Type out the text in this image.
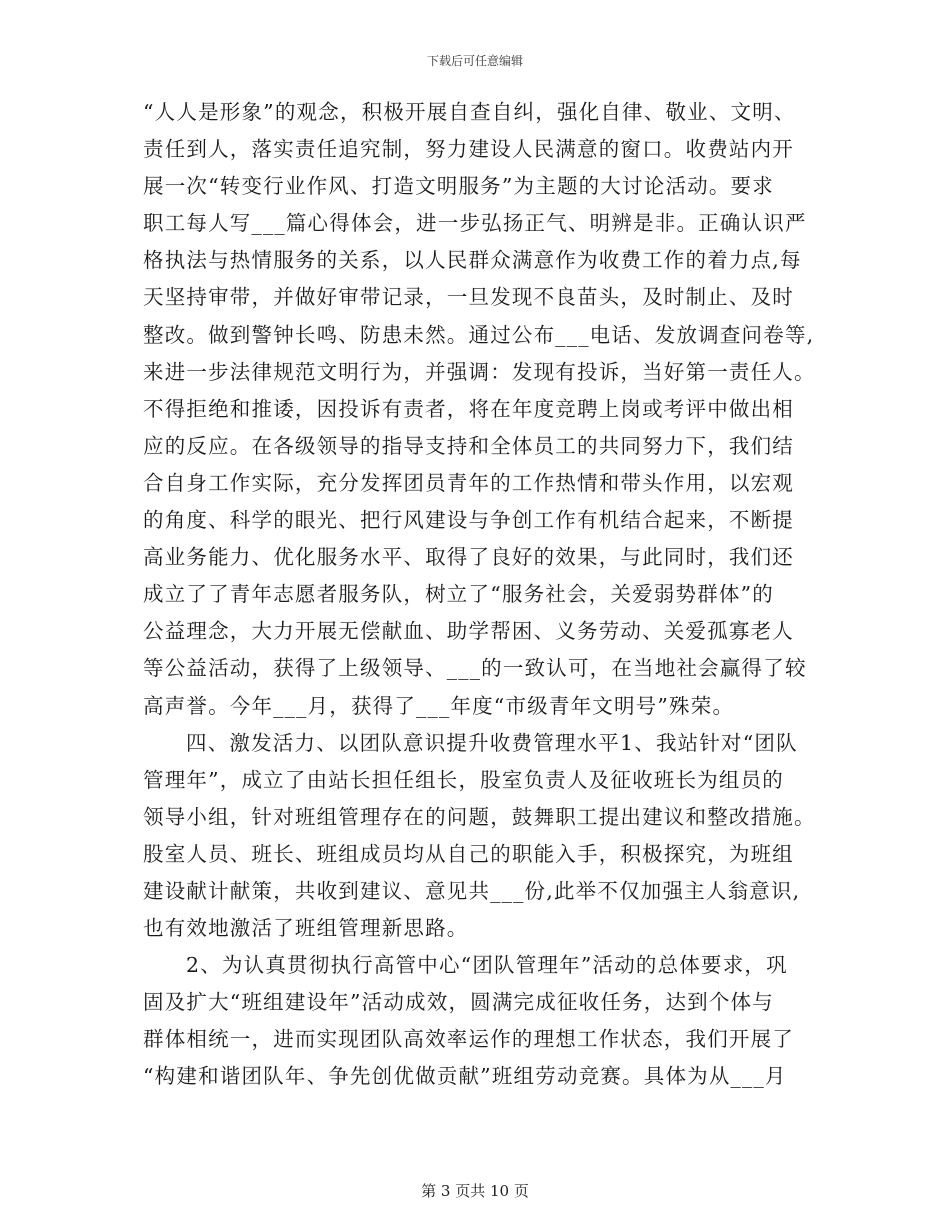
下载后可任意编辑
“人人是形象”的观念，积极开展自查自纠，强化自律、敬业、文明、
责任到人，落实责任追究制，努力建设人民满意的窗口。收费站内开
展一次“转变行业作风、打造文明服务”为主题的大讨论活动。要求
职工每人写___篇心得体会，进一步弘扬正气、明辨是非。正确认识严
格执法与热情服务的关系，以人民群众满意作为收费工作的着力点,每
天坚持审带，并做好审带记录，一旦发现不良苗头，及时制止、及时
整改。做到警钟长鸣、防患未然。通过公布___电话、发放调查问卷等,
来进一步法律规范文明行为，并强调：发现有投诉，当好第一责任人。
不得拒绝和推诿，因投诉有责者，将在年度竞聘上岗或考评中做出相
应的反应。在各级领导的指导支持和全体员工的共同努力下，我们结
合自身工作实际，充分发挥团员青年的工作热情和带头作用，以宏观
的角度、科学的眼光、把行风建设与争创工作有机结合起来，不断提
高业务能力、优化服务水平、取得了良好的效果，与此同时，我们还
成立了了青年志愿者服务队，树立了“服务社会，关爱弱势群体”的
公益理念，大力开展无偿献血、助学帮困、义务劳动、关爱孤寡老人
等公益活动，获得了上级领导、___的一致认可，在当地社会赢得了较
高声誉。今年___月，获得了___年度“市级青年文明号”殊荣。
四、激发活力、以团队意识提升收费管理水平1、我站针对“团队
管理年”，成立了由站长担任组长，股室负责人及征收班长为组员的
领导小组，针对班组管理存在的问题，鼓舞职工提出建议和整改措施。
股室人员、班长、班组成员均从自己的职能入手，积极探究，为班组
建设献计献策，共收到建议、意见共___份,此举不仅加强主人翁意识,
也有效地激活了班组管理新思路。
2、为认真贯彻执行高管中心“团队管理年”活动的总体要求，巩
固及扩大“班组建设年”活动成效，圆满完成征收任务，达到个体与
群体相统一，进而实现团队高效率运作的理想工作状态，我们开展了
“构建和谐团队年、争先创优做贡献”班组劳动竞赛。具体为从___月
第 3 页共 10 页
